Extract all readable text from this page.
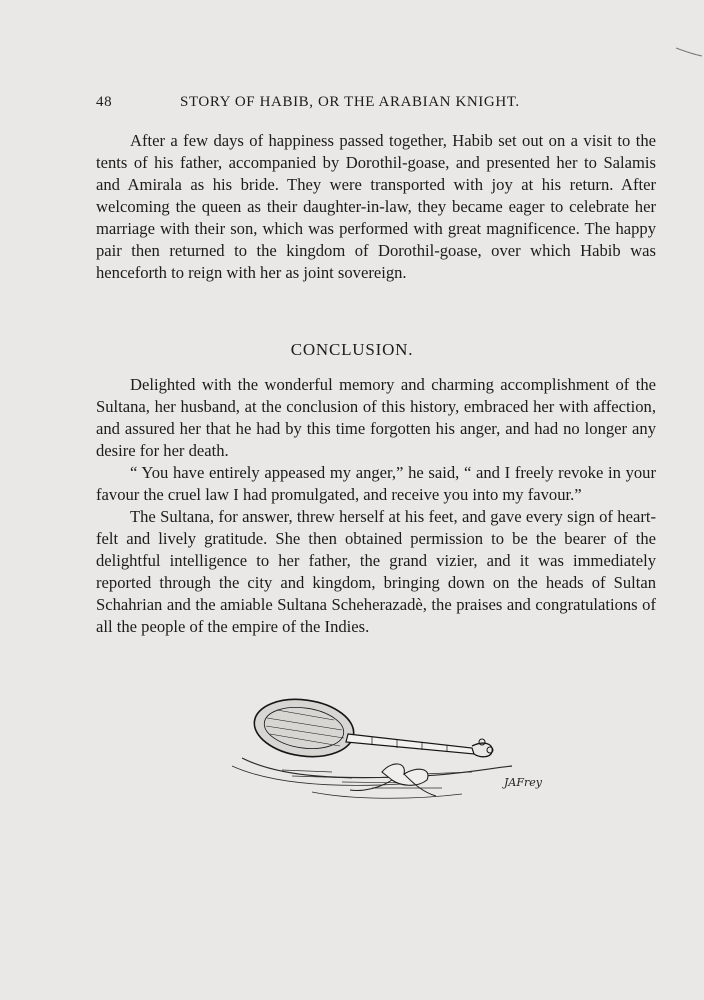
48	STORY OF HABIB, OR THE ARABIAN KNIGHT.

After a few days of happiness passed together, Habib set out on a visit to the tents of his father, accompanied by Dorothil-goase, and presented her to Salamis and Amirala as his bride. They were transported with joy at his return. After welcoming the queen as their daughter-in-law, they became eager to celebrate her marriage with their son, which was performed with great magnificence. The happy pair then returned to the kingdom of Dorothil-goase, over which Habib was henceforth to reign with her as joint sovereign.

CONCLUSION.

Delighted with the wonderful memory and charming accomplishment of the Sultana, her husband, at the conclusion of this history, embraced her with affection, and assured her that he had by this time forgotten his anger, and had no longer any desire for her death.

“ You have entirely appeased my anger,” he said, “ and I freely revoke in your favour the cruel law I had promulgated, and receive you into my favour.”

The Sultana, for answer, threw herself at his feet, and gave every sign of heart-felt and lively gratitude. She then obtained permission to be the bearer of the delightful intelligence to her father, the grand vizier, and it was immediately reported through the city and kingdom, bringing down on the heads of Sultan Schahrian and the amiable Sultana Scheherazadè, the praises and congratulations of all the people of the empire of the Indies.

JAFrey
